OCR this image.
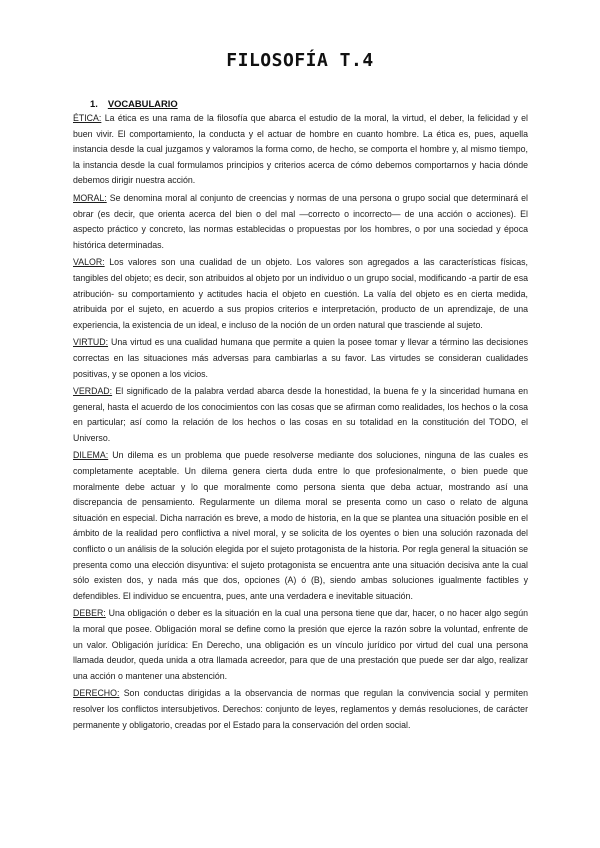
FILOSOFÍA T.4
1. VOCABULARIO

ÉTICA: La ética es una rama de la filosofía que abarca el estudio de la moral, la virtud, el deber, la felicidad y el buen vivir. El comportamiento, la conducta y el actuar de hombre en cuanto hombre. La ética es, pues, aquella instancia desde la cual juzgamos y valoramos la forma como, de hecho, se comporta el hombre y, al mismo tiempo, la instancia desde la cual formulamos principios y criterios acerca de cómo debemos comportarnos y hacia dónde debemos dirigir nuestra acción.

MORAL: Se denomina moral al conjunto de creencias y normas de una persona o grupo social que determinará el obrar (es decir, que orienta acerca del bien o del mal —correcto o incorrecto— de una acción o acciones). El aspecto práctico y concreto, las normas establecidas o propuestas por los hombres, o por una sociedad y época histórica determinadas.

VALOR: Los valores son una cualidad de un objeto. Los valores son agregados a las características físicas, tangibles del objeto; es decir, son atribuidos al objeto por un individuo o un grupo social, modificando -a partir de esa atribución- su comportamiento y actitudes hacia el objeto en cuestión. La valía del objeto es en cierta medida, atribuida por el sujeto, en acuerdo a sus propios criterios e interpretación, producto de un aprendizaje, de una experiencia, la existencia de un ideal, e incluso de la noción de un orden natural que trasciende al sujeto.

VIRTUD: Una virtud es una cualidad humana que permite a quien la posee tomar y llevar a término las decisiones correctas en las situaciones más adversas para cambiarlas a su favor. Las virtudes se consideran cualidades positivas, y se oponen a los vicios.

VERDAD: El significado de la palabra verdad abarca desde la honestidad, la buena fe y la sinceridad humana en general, hasta el acuerdo de los conocimientos con las cosas que se afirman como realidades, los hechos o la cosa en particular; así como la relación de los hechos o las cosas en su totalidad en la constitución del TODO, el Universo.

DILEMA: Un dilema es un problema que puede resolverse mediante dos soluciones, ninguna de las cuales es completamente aceptable. Un dilema genera cierta duda entre lo que profesionalmente, o bien puede que moralmente debe actuar y lo que moralmente como persona sienta que deba actuar, mostrando así una discrepancia de pensamiento. Regularmente un dilema moral se presenta como un caso o relato de alguna situación en especial. Dicha narración es breve, a modo de historia, en la que se plantea una situación posible en el ámbito de la realidad pero conflictiva a nivel moral, y se solicita de los oyentes o bien una solución razonada del conflicto o un análisis de la solución elegida por el sujeto protagonista de la historia. Por regla general la situación se presenta como una elección disyuntiva: el sujeto protagonista se encuentra ante una situación decisiva ante la cual sólo existen dos, y nada más que dos, opciones (A) ó (B), siendo ambas soluciones igualmente factibles y defendibles. El individuo se encuentra, pues, ante una verdadera e inevitable situación.

DEBER: Una obligación o deber es la situación en la cual una persona tiene que dar, hacer, o no hacer algo según la moral que posee. Obligación moral se define como la presión que ejerce la razón sobre la voluntad, enfrente de un valor. Obligación jurídica: En Derecho, una obligación es un vínculo jurídico por virtud del cual una persona llamada deudor, queda unida a otra llamada acreedor, para que de una prestación que puede ser dar algo, realizar una acción o mantener una abstención.

DERECHO: Son conductas dirigidas a la observancia de normas que regulan la convivencia social y permiten resolver los conflictos intersubjetivos. Derechos: conjunto de leyes, reglamentos y demás resoluciones, de carácter permanente y obligatorio, creadas por el Estado para la conservación del orden social.
